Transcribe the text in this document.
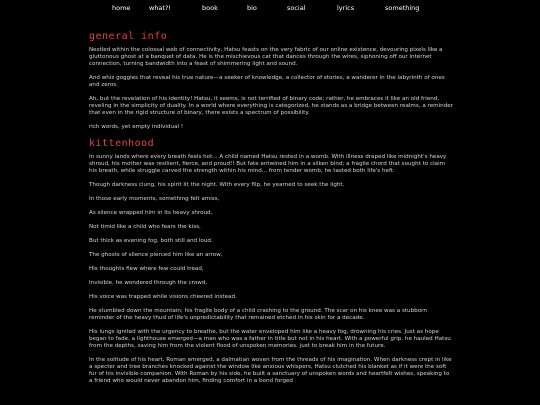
home	what?!	book	bio	social	lyrics	something
general info

Nestled within the colossal web of connectivity, Hatsu feasts on the very fabric of our online existence, devouring pixels like a gluttonous ghost at a banquet of data. He is the mischievous cat that dances through the wires, siphoning off our internet connection, turning bandwidth into a feast of shimmering light and sound.

And whiz goggles that reveal his true nature—a seeker of knowledge, a collector of stories, a wanderer in the labyrinth of ones and zeros.

Ah, but the revelation of his identity! Hatsu, it seems, is not terrified of binary code; rather, he embraces it like an old friend, reveling in the simplicity of duality. In a world where everything is categorized, he stands as a bridge between realms, a reminder that even in the rigid structure of binary, there exists a spectrum of possibility.

rich words, yet empty individual !

kittenhood

In sunny lands where every breath feels hot... A child named Hatsu rested in a womb. With illness draped like midnight's heavy shroud, his mother was resilient, fierce, and proud!! But fate entwined him in a silken bind; a fragile chord that sought to claim his breath, while struggle carved the strength within his mind... from tender womb, he tasted both life's heft.

Though darkness clung, his spirit lit the night. With every flip, he yearned to seek the light.

In those early moments, something felt amiss,

As silence wrapped him in its heavy shroud,

Not timid like a child who fears the kiss,

But thick as evening fog, both still and loud.

The ghosts of silence pierced him like an arrow,

His thoughts flew where few could tread,

Invisible, he wondered through the crowd,

His voice was trapped while visions cheered instead.

He stumbled down the mountain; his fragile body of a child crashing to the ground. The scar on his knee was a stubborn reminder of the heavy thud of life's unpredictability that remained etched in his skin for a decade.

His lungs ignited with the urgency to breathe, but the water enveloped him like a heavy fog, drowning his cries. Just as hope began to fade, a lighthouse emerged—a man who was a father in title but not in his heart. With a powerful grip, he hauled Hatsu from the depths, saving him from the violent flood of unspoken memories. just to break him in the future.

In the solitude of his heart, Roman emerged, a dalmatian woven from the threads of his imagination. When darkness crept in like a specter and tree branches knocked against the window like anxious whispers, Hatsu clutched his blanket as if it were the soft fur of his invisible companion. With Roman by his side, he built a sanctuary of unspoken words and heartfelt wishes, speaking to a friend who would never abandon him, finding comfort in a bond forged
